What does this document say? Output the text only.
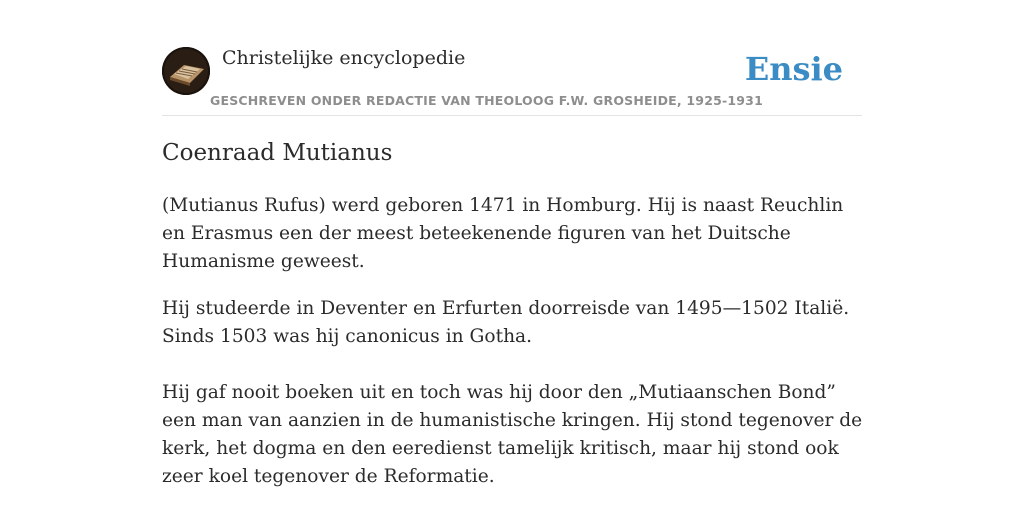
Christelijke encyclopedie
GESCHREVEN ONDER REDACTIE VAN THEOLOOG F.W. GROSHEIDE, 1925-1931
Ensie
Coenraad Mutianus

(Mutianus Rufus) werd geboren 1471 in Homburg. Hij is naast Reuchlin en Erasmus een der meest beteekenende figuren van het Duitsche Humanisme geweest.

Hij studeerde in Deventer en Erfurten doorreisde van 1495—1502 Italië. Sinds 1503 was hij canonicus in Gotha.

Hij gaf nooit boeken uit en toch was hij door den „Mutiaanschen Bond” een man van aanzien in de humanistische kringen. Hij stond tegenover de kerk, het dogma en den eeredienst tamelijk kritisch, maar hij stond ook zeer koel tegenover de Reformatie.
